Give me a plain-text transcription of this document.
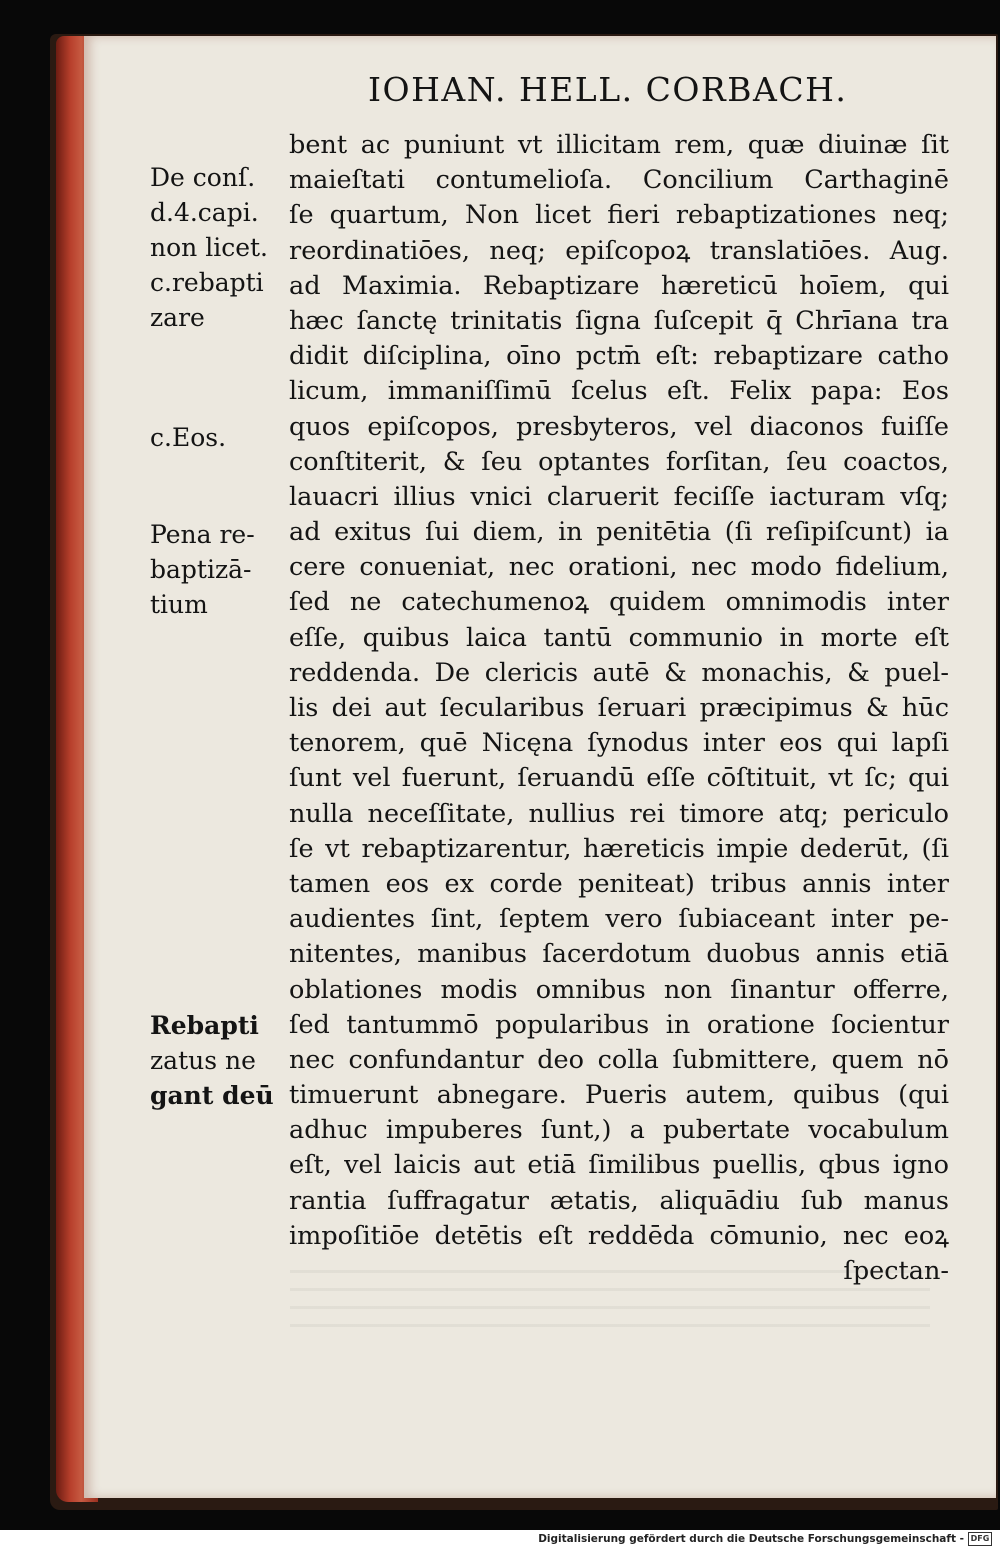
IOHAN. HELL. CORBACH.
De conſ.
d.4.capi.
non licet.
c.rebapti
zare
c.Eos.
Pena re-
baptizā-
tium
Rebapti
zatus ne
gant deū
bent ac puniunt vt illicitam rem, quæ diuinæ ſit
maieſtati contumelioſa. Concilium Carthaginē
ſe quartum, Non licet fieri rebaptizationes neq;
reordinatiōes, neq; epiſcopoꝝ translatiōes. Aug.
ad Maximia. Rebaptizare hæreticū hoīem, qui
hæc ſanctę trinitatis ſigna ſuſcepit q̄ Chrīana tra
didit diſciplina, oīno pctm̄ eſt: rebaptizare catho
licum, immaniſſimū ſcelus eſt. Felix papa: Eos
quos epiſcopos, presbyteros, vel diaconos fuiſſe
conſtiterit, & ſeu optantes forſitan, ſeu coactos,
lauacri illius vnici claruerit feciſſe iacturam vſq;
ad exitus ſui diem, in penitētia (ſi reſipiſcunt) ia
cere conueniat, nec orationi, nec modo fidelium,
ſed ne catechumenoꝝ quidem omnimodis inter
eſſe, quibus laica tantū communio in morte eſt
reddenda. De clericis autē & monachis, & puel-
lis dei aut ſecularibus ſeruari præcipimus & hūc
tenorem, quē Nicęna ſynodus inter eos qui lapſi
ſunt vel fuerunt, ſeruandū eſſe cōſtituit, vt ſc; qui
nulla neceſſitate, nullius rei timore atq; periculo
ſe vt rebaptizarentur, hæreticis impie dederūt, (ſi
tamen eos ex corde peniteat) tribus annis inter
audientes ſint, ſeptem vero ſubiaceant inter pe-
nitentes, manibus ſacerdotum duobus annis etiā
oblationes modis omnibus non ſinantur offerre,
ſed tantummō popularibus in oratione ſocientur
nec confundantur deo colla ſubmittere, quem nō
timuerunt abnegare. Pueris autem, quibus (qui
adhuc impuberes ſunt,) a pubertate vocabulum
eſt, vel laicis aut etiā ſimilibus puellis, qbus igno
rantia ſuffragatur ætatis, aliquādiu ſub manus
impoſitiōe detētis eſt reddēda cōmunio, nec eoꝝ
ſpectan-
Digitalisierung gefördert durch die Deutsche Forschungsgemeinschaft - DFG
